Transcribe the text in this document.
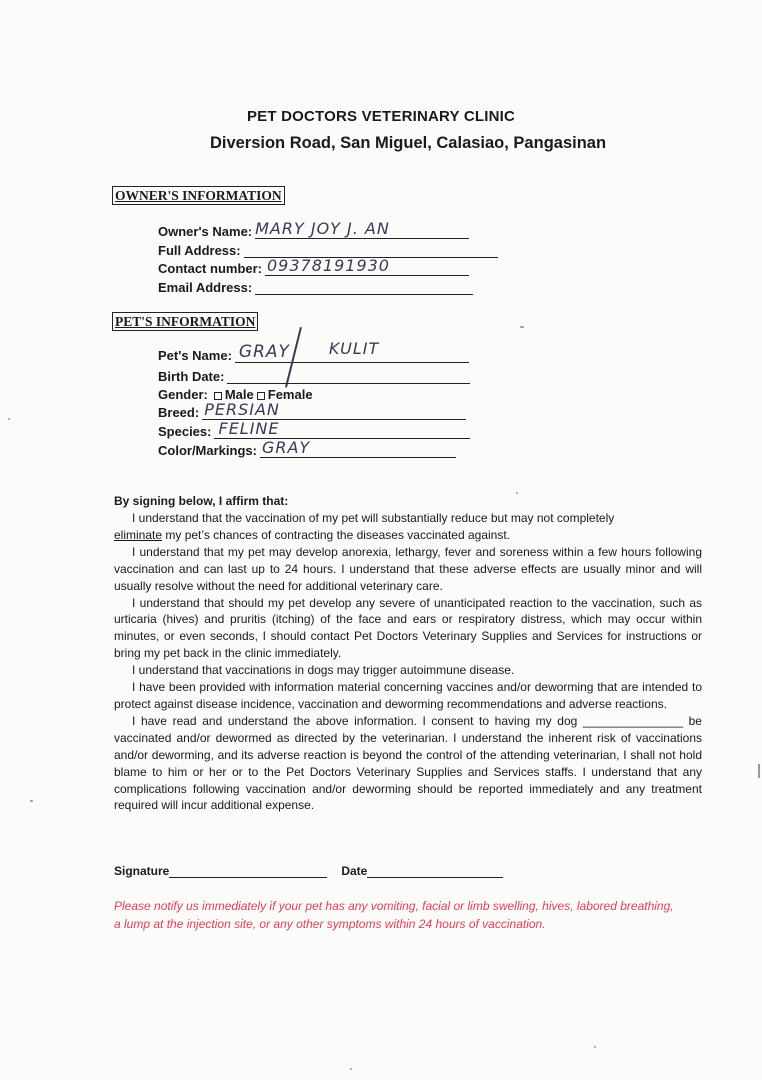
PET DOCTORS VETERINARY CLINIC
Diversion Road, San Miguel, Calasiao, Pangasinan
OWNER'S INFORMATION
Owner's Name: MARY JOY J. AN
Full Address:
Contact number: 09378191930
Email Address:
PET'S INFORMATION
Pet's Name: GRAY KULIT
Birth Date:
Gender: Male Female
Breed: PERSIAN
Species: FELINE
Color/Markings: GRAY
By signing below, I affirm that:

I understand that the vaccination of my pet will substantially reduce but may not completely
eliminate my pet’s chances of contracting the diseases vaccinated against.

I understand that my pet may develop anorexia, lethargy, fever and soreness within a few hours following vaccination and can last up to 24 hours. I understand that these adverse effects are usually minor and will usually resolve without the need for additional veterinary care.

I understand that should my pet develop any severe of unanticipated reaction to the vaccination, such as urticaria (hives) and pruritis (itching) of the face and ears or respiratory distress, which may occur within minutes, or even seconds, I should contact Pet Doctors Veterinary Supplies and Services for instructions or bring my pet back in the clinic immediately.

I understand that vaccinations in dogs may trigger autoimmune disease.

I have been provided with information material concerning vaccines and/or deworming that are intended to protect against disease incidence, vaccination and deworming recommendations and adverse reactions.

I have read and understand the above information. I consent to having my dog _______________ be vaccinated and/or dewormed as directed by the veterinarian. I understand the inherent risk of vaccinations and/or deworming, and its adverse reaction is beyond the control of the attending veterinarian, I shall not hold blame to him or her or to the Pet Doctors Veterinary Supplies and Services staffs. I understand that any complications following vaccination and/or deworming should be reported immediately and any treatment required will incur additional expense.

Signature	Date
Please notify us immediately if your pet has any vomiting, facial or limb swelling, hives, labored breathing, a lump at the injection site, or any other symptoms within 24 hours of vaccination.
